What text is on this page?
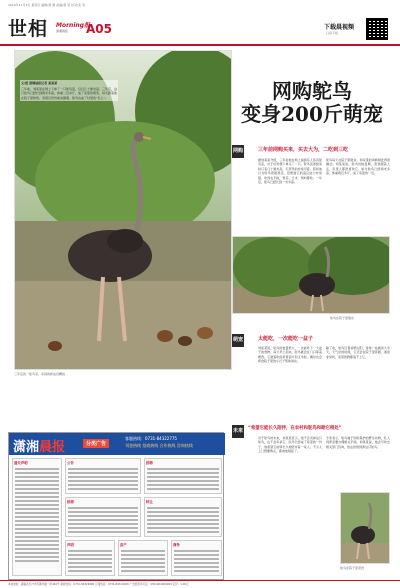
2019年11月3日 星期日 编辑/黄 静 美编/唐 莹 校对/张 英
世相 Morning报
潇湘晨报 A05	下载晨视频
扫码下载
文/图 潇湘晨报记者 某某某
三年前，刘某某在网上下单了一只鸵鸟苗，仅仅几十厘米高。三年后，这只鸵鸟已经长到两米多高，体重二百多斤，成了家里的萌宠，每天跟着他在院子里转悠。邻居们纷纷前来围观，鸵鸟也成了村里的“名人”。
三年后的一鸵鸟家，家庭的新成员精挑
网购鸵鸟
变身200斤萌宠
网购	三年前网购买来，买去大为，二吃到三吃
据刘某某介绍，三年前他在网上看到有人售卖鸵鸟苗，出于好奇便下单买了一只。鸵鸟苗寄到家时只有几十厘米高，毛茸茸的非常可爱。起初他以为鸵鸟很难养活，没想到它的适应能力非常强，吃得也不挑，青菜、玉米、饲料都吃。一年后，鸵鸟已经长到一米多高。
鸵鸟每天在院子里散步，和家里的鸡鸭相处得很融洽。刘某某说，鸵鸟性格温顺，喜欢跟着人走，家里人都很喜欢它。如今鸵鸟已经两米多高，体重两百多斤，成了家里的一员。
鸵鸟在院子里散步
萌宠	太能吃，一次能吃一盆子
刘某某说，鸵鸟的食量很大，一次能吃下一大盆子的食物。每天早上起来，鸵鸟就会在门口等着喂食。它最爱吃的是青菜叶和玉米粒，偶尔也会啄食院子里的小石子帮助消化。
除了吃，鸵鸟还喜欢晒太阳，常常一站就是大半天。天气好的时候，它还会在院子里奔跑，速度非常快，家里的狗都追不上它。
未来 “希望它能长久陪伴，在农村和鸵鸟和睦它相处”
对于鸵鸟的未来，刘某某表示，他不会卖掉这只鸵鸟，也不会宰杀它。鸵鸟已经成了家里的一份子，他希望它能够长久地陪伴着一家人。不少人上门想要购买，都被他婉拒了。
专家表示，鸵鸟属于国家保护的野生动物，私人饲养需要办理相关手续。刘某某说，他会尽快去相关部门咨询，依法依规饲养这只鸵鸟。
鸵鸟在院子里觅食
潇湘晨报	分类广告
客服热线：0731-84322775
刊登热线 招商热线 合作热线 咨询热线
遗失声明	公告	招聘
招商	转让
声明	房产	商务
本社地址：湖南省长沙市芙蓉中路一段442号 新闻热线：0731-84329999 订阅电话：0731-84310180 广告经营许可证：4301004000009 定价：1.00元
